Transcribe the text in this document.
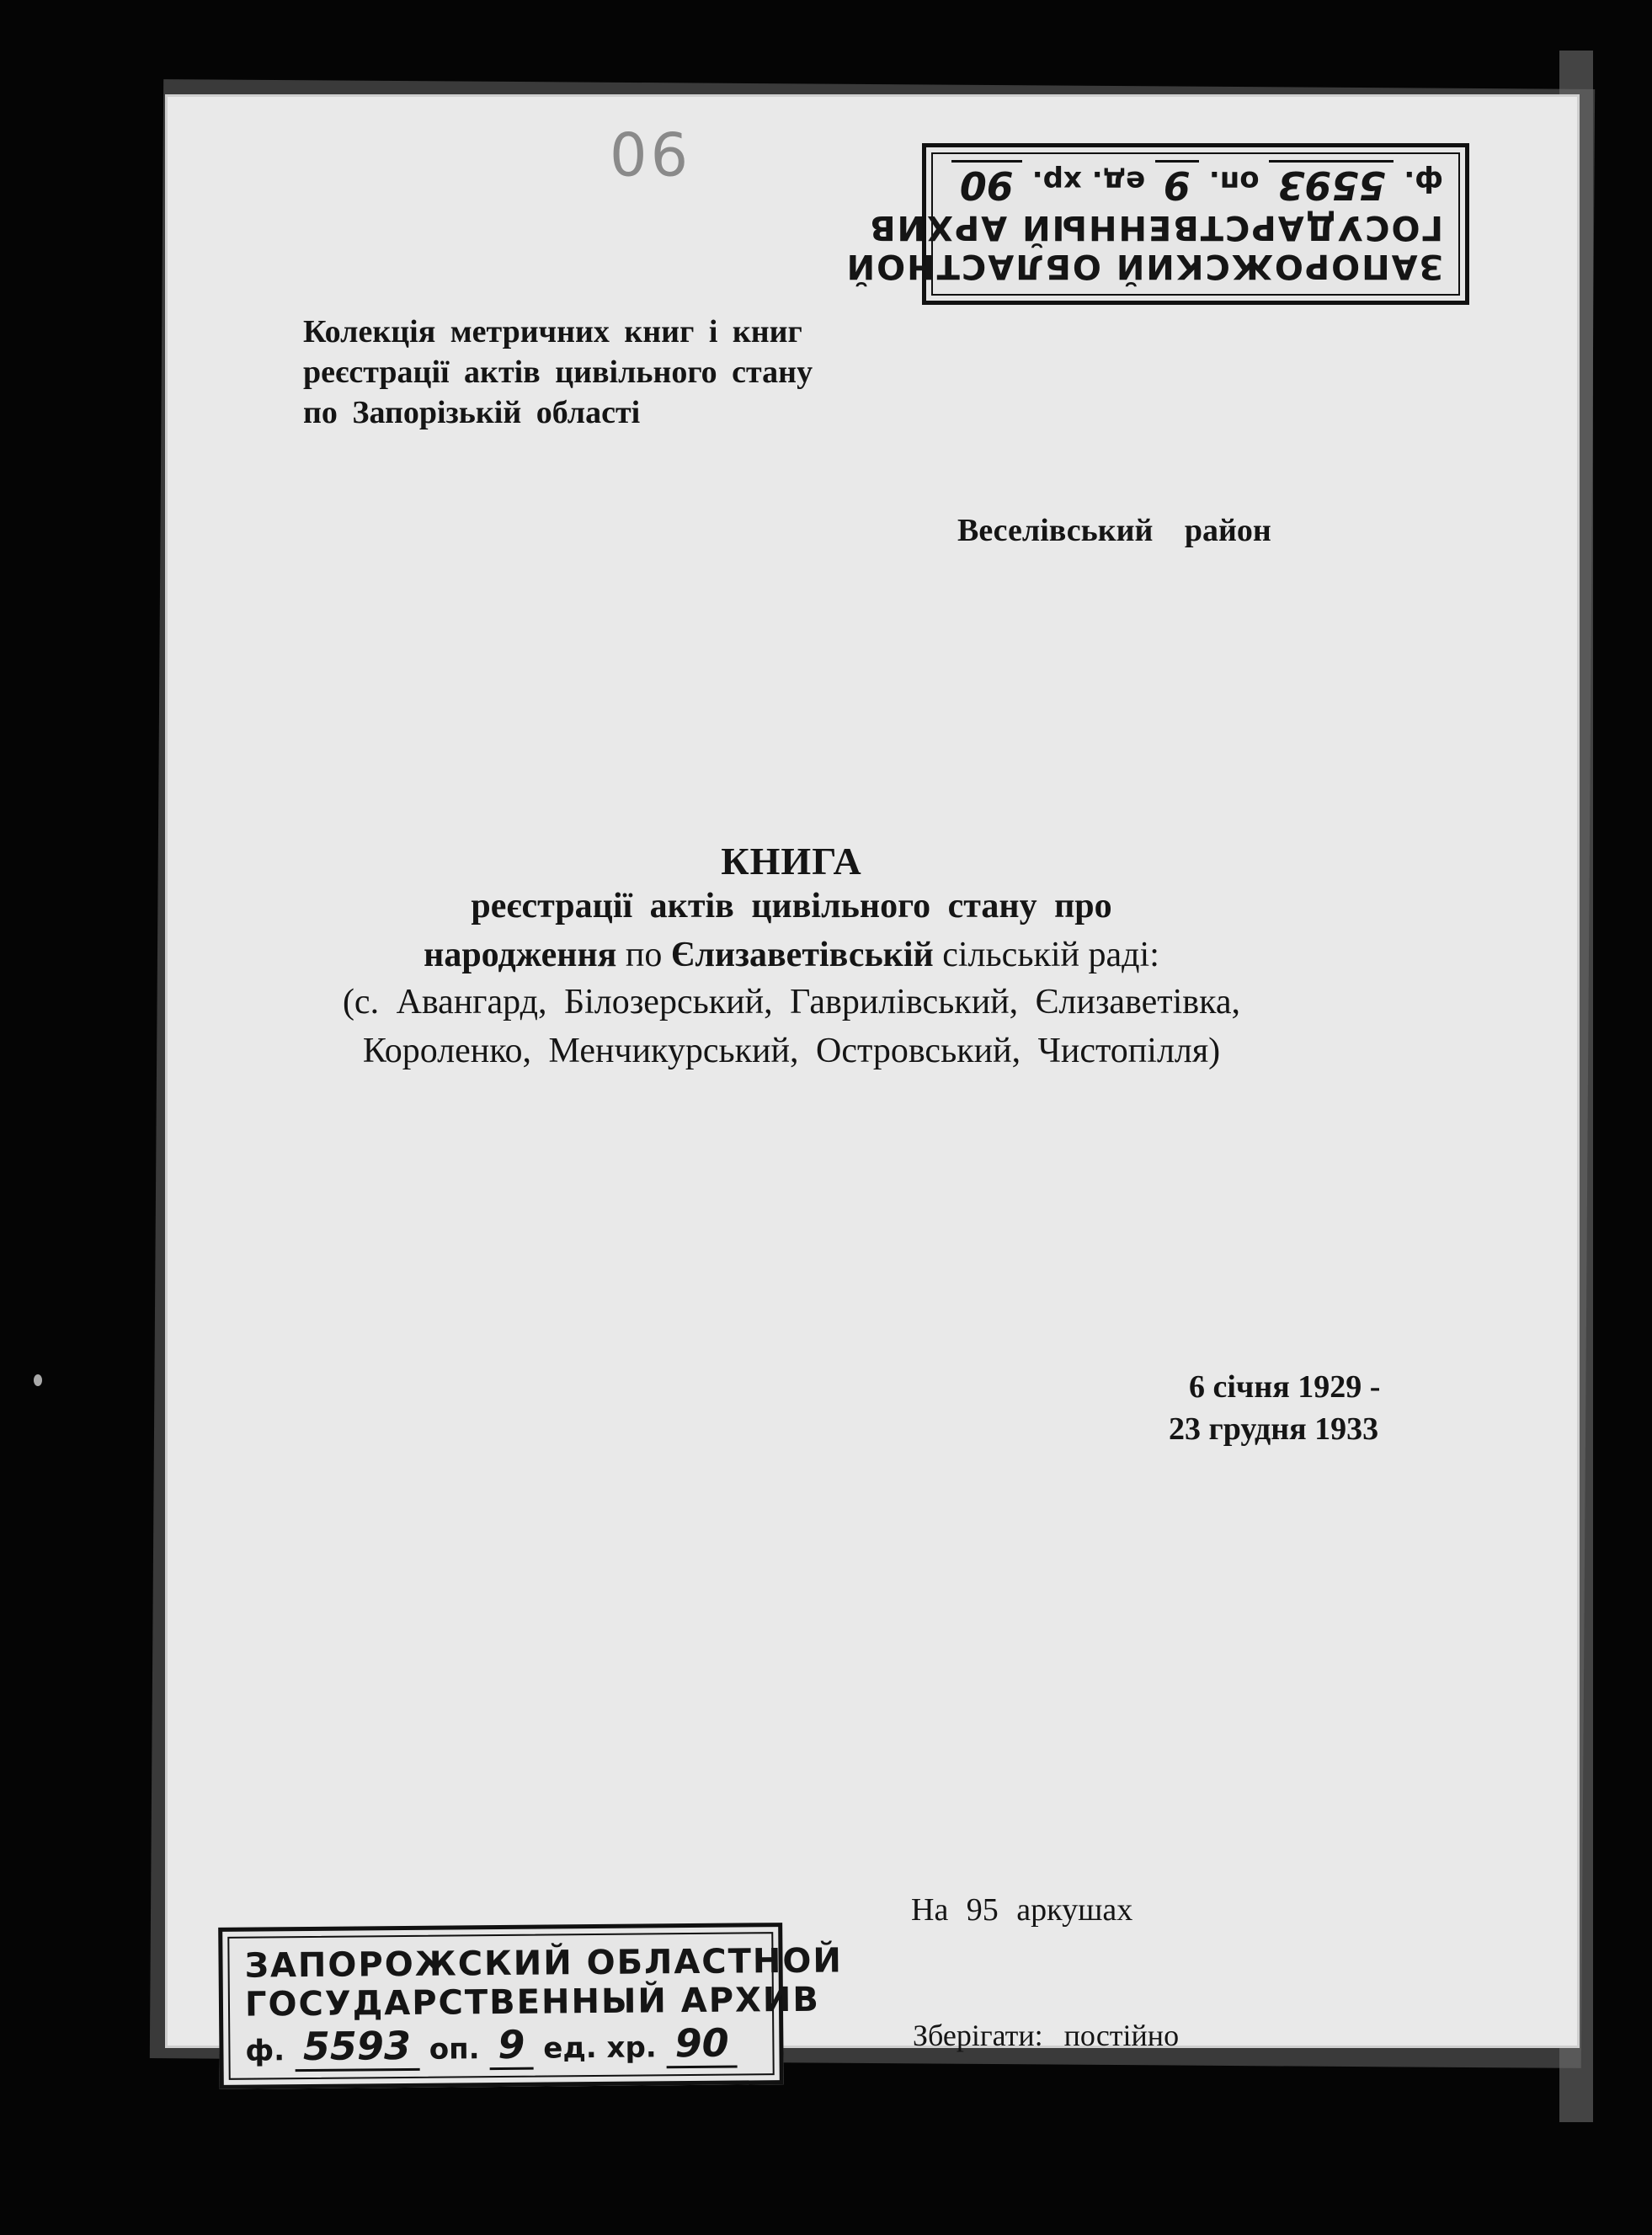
90
ЗАПОРОЖСКИЙ ОБЛАСТНОЙ
ГОСУДАРСТВЕННЫЙ АРХИВ
ф. 5593 оп. 9 ед. хр. 90
Колекція метричних книг і книг
реєстрації актів цивільного стану
по Запорізькій області
Веселівський район
КНИГА
реєстрації актів цивільного стану про
народження по Єлизаветівській сільській раді:
(с. Авангард, Білозерський, Гаврилівський, Єлизаветівка,
Короленко, Менчикурський, Островський, Чистопілля)
6 січня 1929 -
23 грудня 1933
ЗАПОРОЖСКИЙ ОБЛАСТНОЙ
ГОСУДАРСТВЕННЫЙ АРХИВ
ф. 5593 оп. 9 ед. хр. 90
На 95 аркушах
Зберігати: постійно
